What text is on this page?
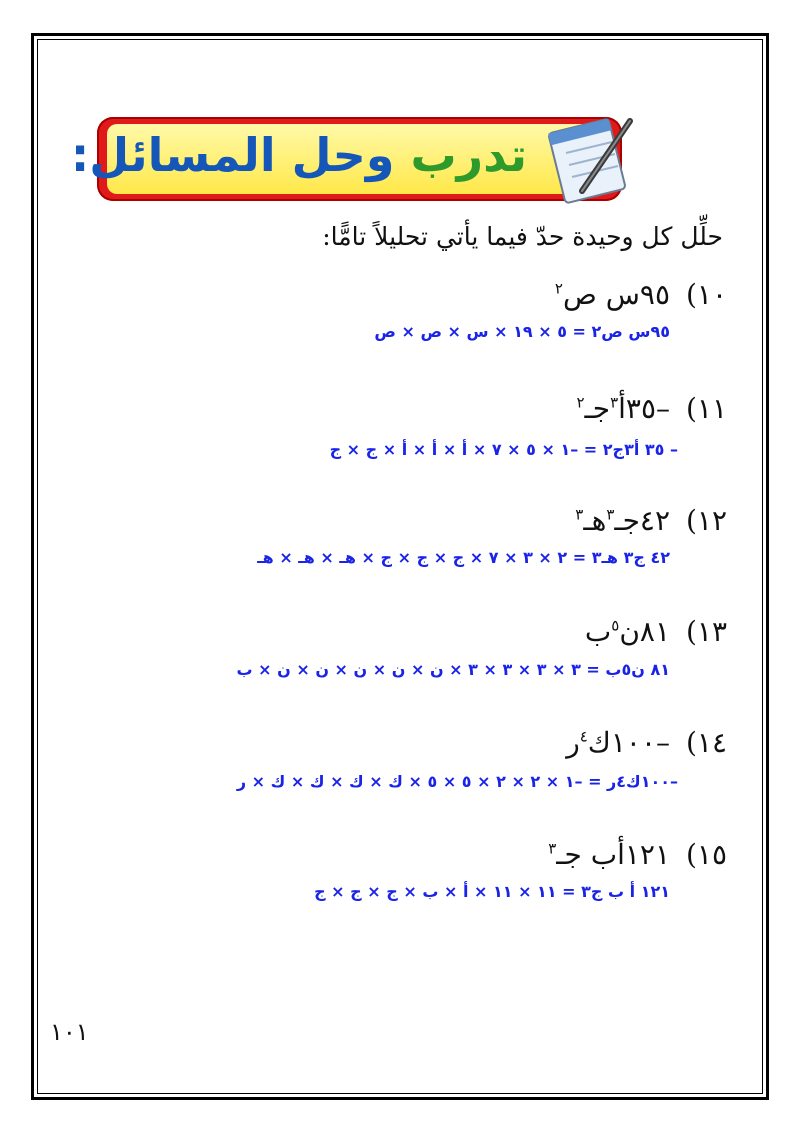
تدرب وحل المسائل:
حلِّل كل وحيدة حدّ فيما يأتي تحليلاً تامًّا:
١٠)٩٥س ص$^٢$
٩٥س ص٢ = ٥ × ١٩ × س × ص × ص
١١)–٣٥أ$^٣$جـ$^٢$
– ٣٥ أ٣ج٢ = –١ × ٥ × ٧ × أ × أ × أ × ج × ج
١٢)٤٢جـ$^٣$هـ$^٣$
٤٢ ج٣ هـ٣ = ٢ × ٣ × ٧ × ج × ج × ج × هـ × هـ × هـ
١٣)٨١ن$^٥$ب
٨١ ن٥ب = ٣ × ٣ × ٣ × ٣ × ن × ن × ن × ن × ن × ب
١٤)–١٠٠ك$^٤$ر
–١٠٠ك٤ر = –١ × ٢ × ٢ × ٥ × ٥ × ك × ك × ك × ك × ر
١٥)١٢١أب جـ$^٣$
١٢١ أ ب ج٣ = ١١ × ١١ × أ × ب × ج × ج × ج
١٠١
